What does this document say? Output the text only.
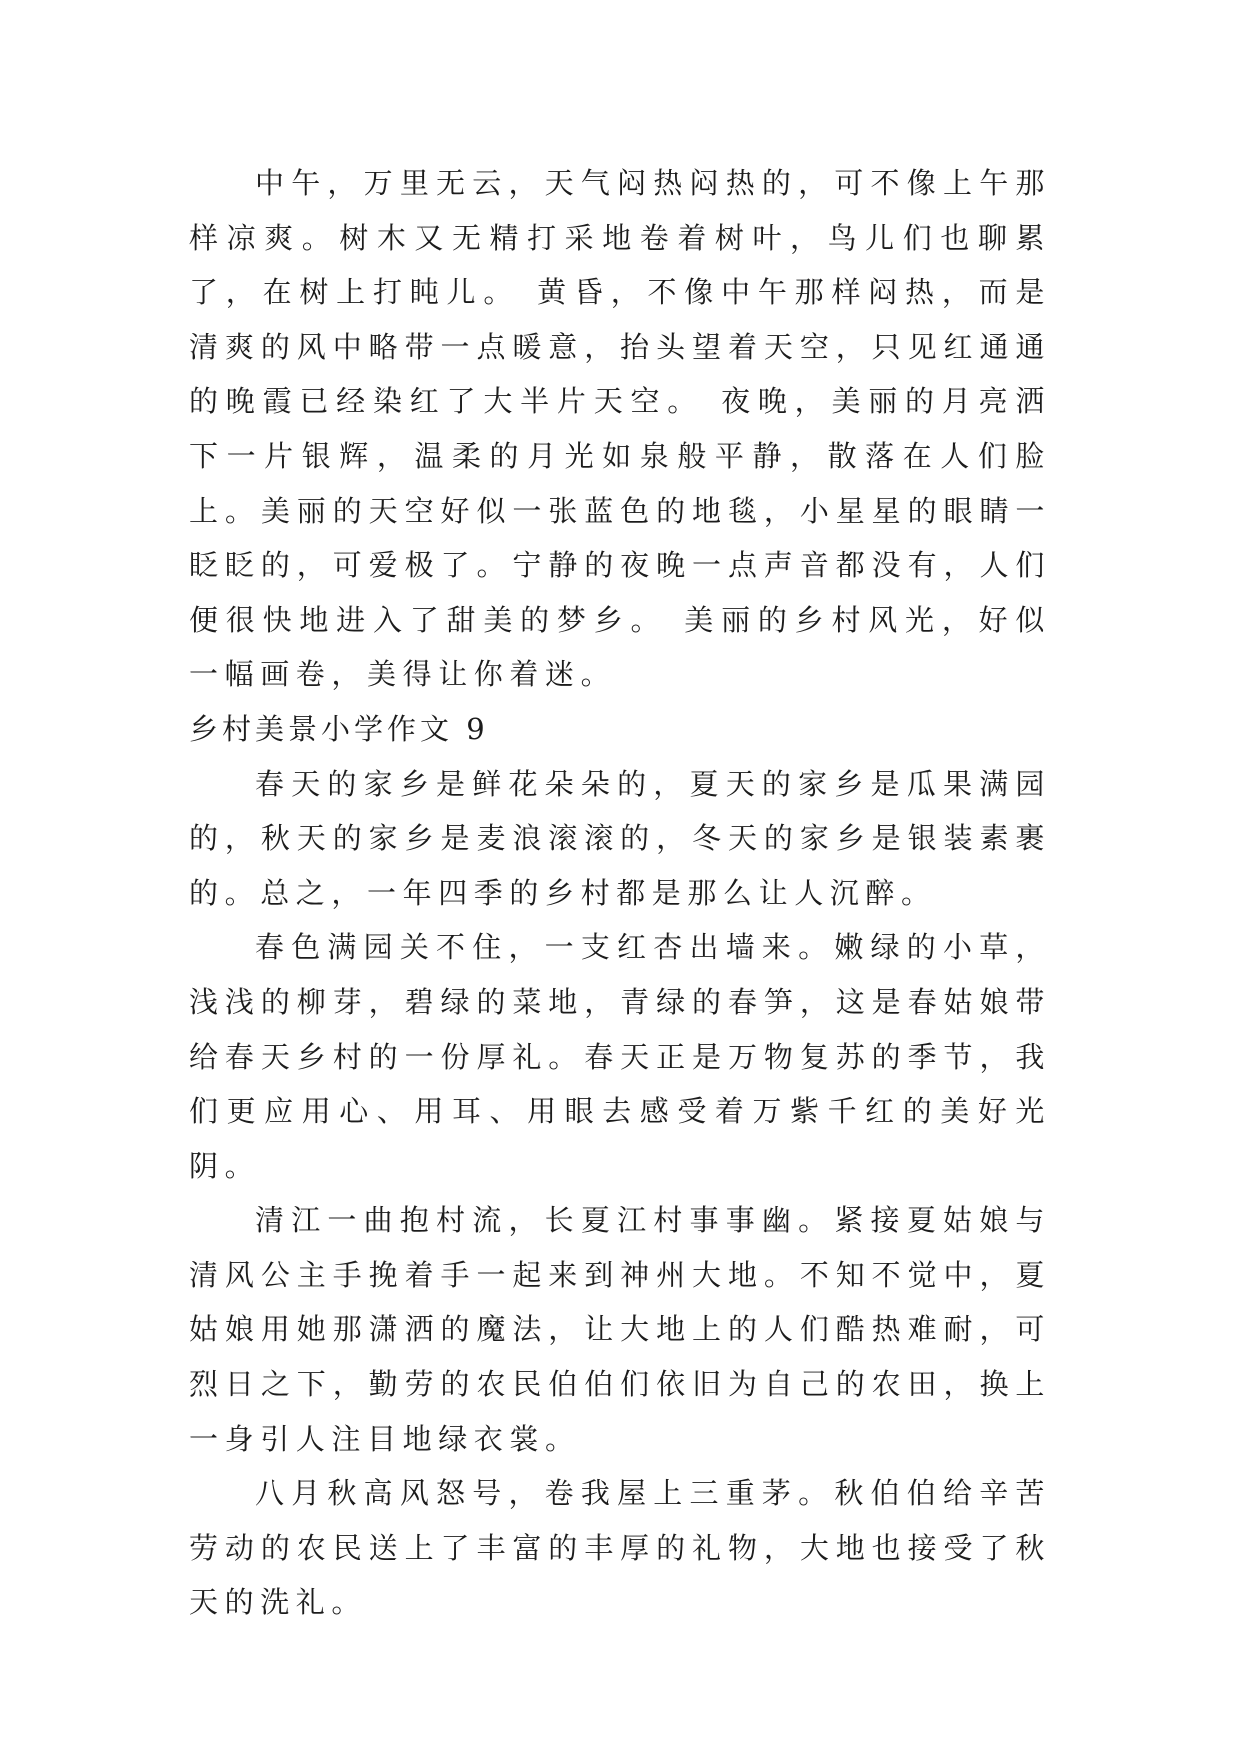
中午，万里无云，天气闷热闷热的，可不像上午那样凉爽。树木又无精打采地卷着树叶，鸟儿们也聊累了，在树上打盹儿。 黄昏，不像中午那样闷热，而是清爽的风中略带一点暖意，抬头望着天空，只见红通通的晚霞已经染红了大半片天空。 夜晚，美丽的月亮洒下一片银辉，温柔的月光如泉般平静，散落在人们脸上。美丽的天空好似一张蓝色的地毯，小星星的眼睛一眨眨的，可爱极了。宁静的夜晚一点声音都没有，人们便很快地进入了甜美的梦乡。 美丽的乡村风光，好似一幅画卷，美得让你着迷。

乡村美景小学作文 9

春天的家乡是鲜花朵朵的，夏天的家乡是瓜果满园的，秋天的家乡是麦浪滚滚的，冬天的家乡是银装素裹的。总之，一年四季的乡村都是那么让人沉醉。

春色满园关不住，一支红杏出墙来。嫩绿的小草，浅浅的柳芽，碧绿的菜地，青绿的春笋，这是春姑娘带给春天乡村的一份厚礼。春天正是万物复苏的季节，我们更应用心、用耳、用眼去感受着万紫千红的美好光阴。

清江一曲抱村流，长夏江村事事幽。紧接夏姑娘与清风公主手挽着手一起来到神州大地。不知不觉中，夏姑娘用她那潇洒的魔法，让大地上的人们酷热难耐，可烈日之下，勤劳的农民伯伯们依旧为自己的农田，换上一身引人注目地绿衣裳。

八月秋高风怒号，卷我屋上三重茅。秋伯伯给辛苦劳动的农民送上了丰富的丰厚的礼物，大地也接受了秋天的洗礼。
